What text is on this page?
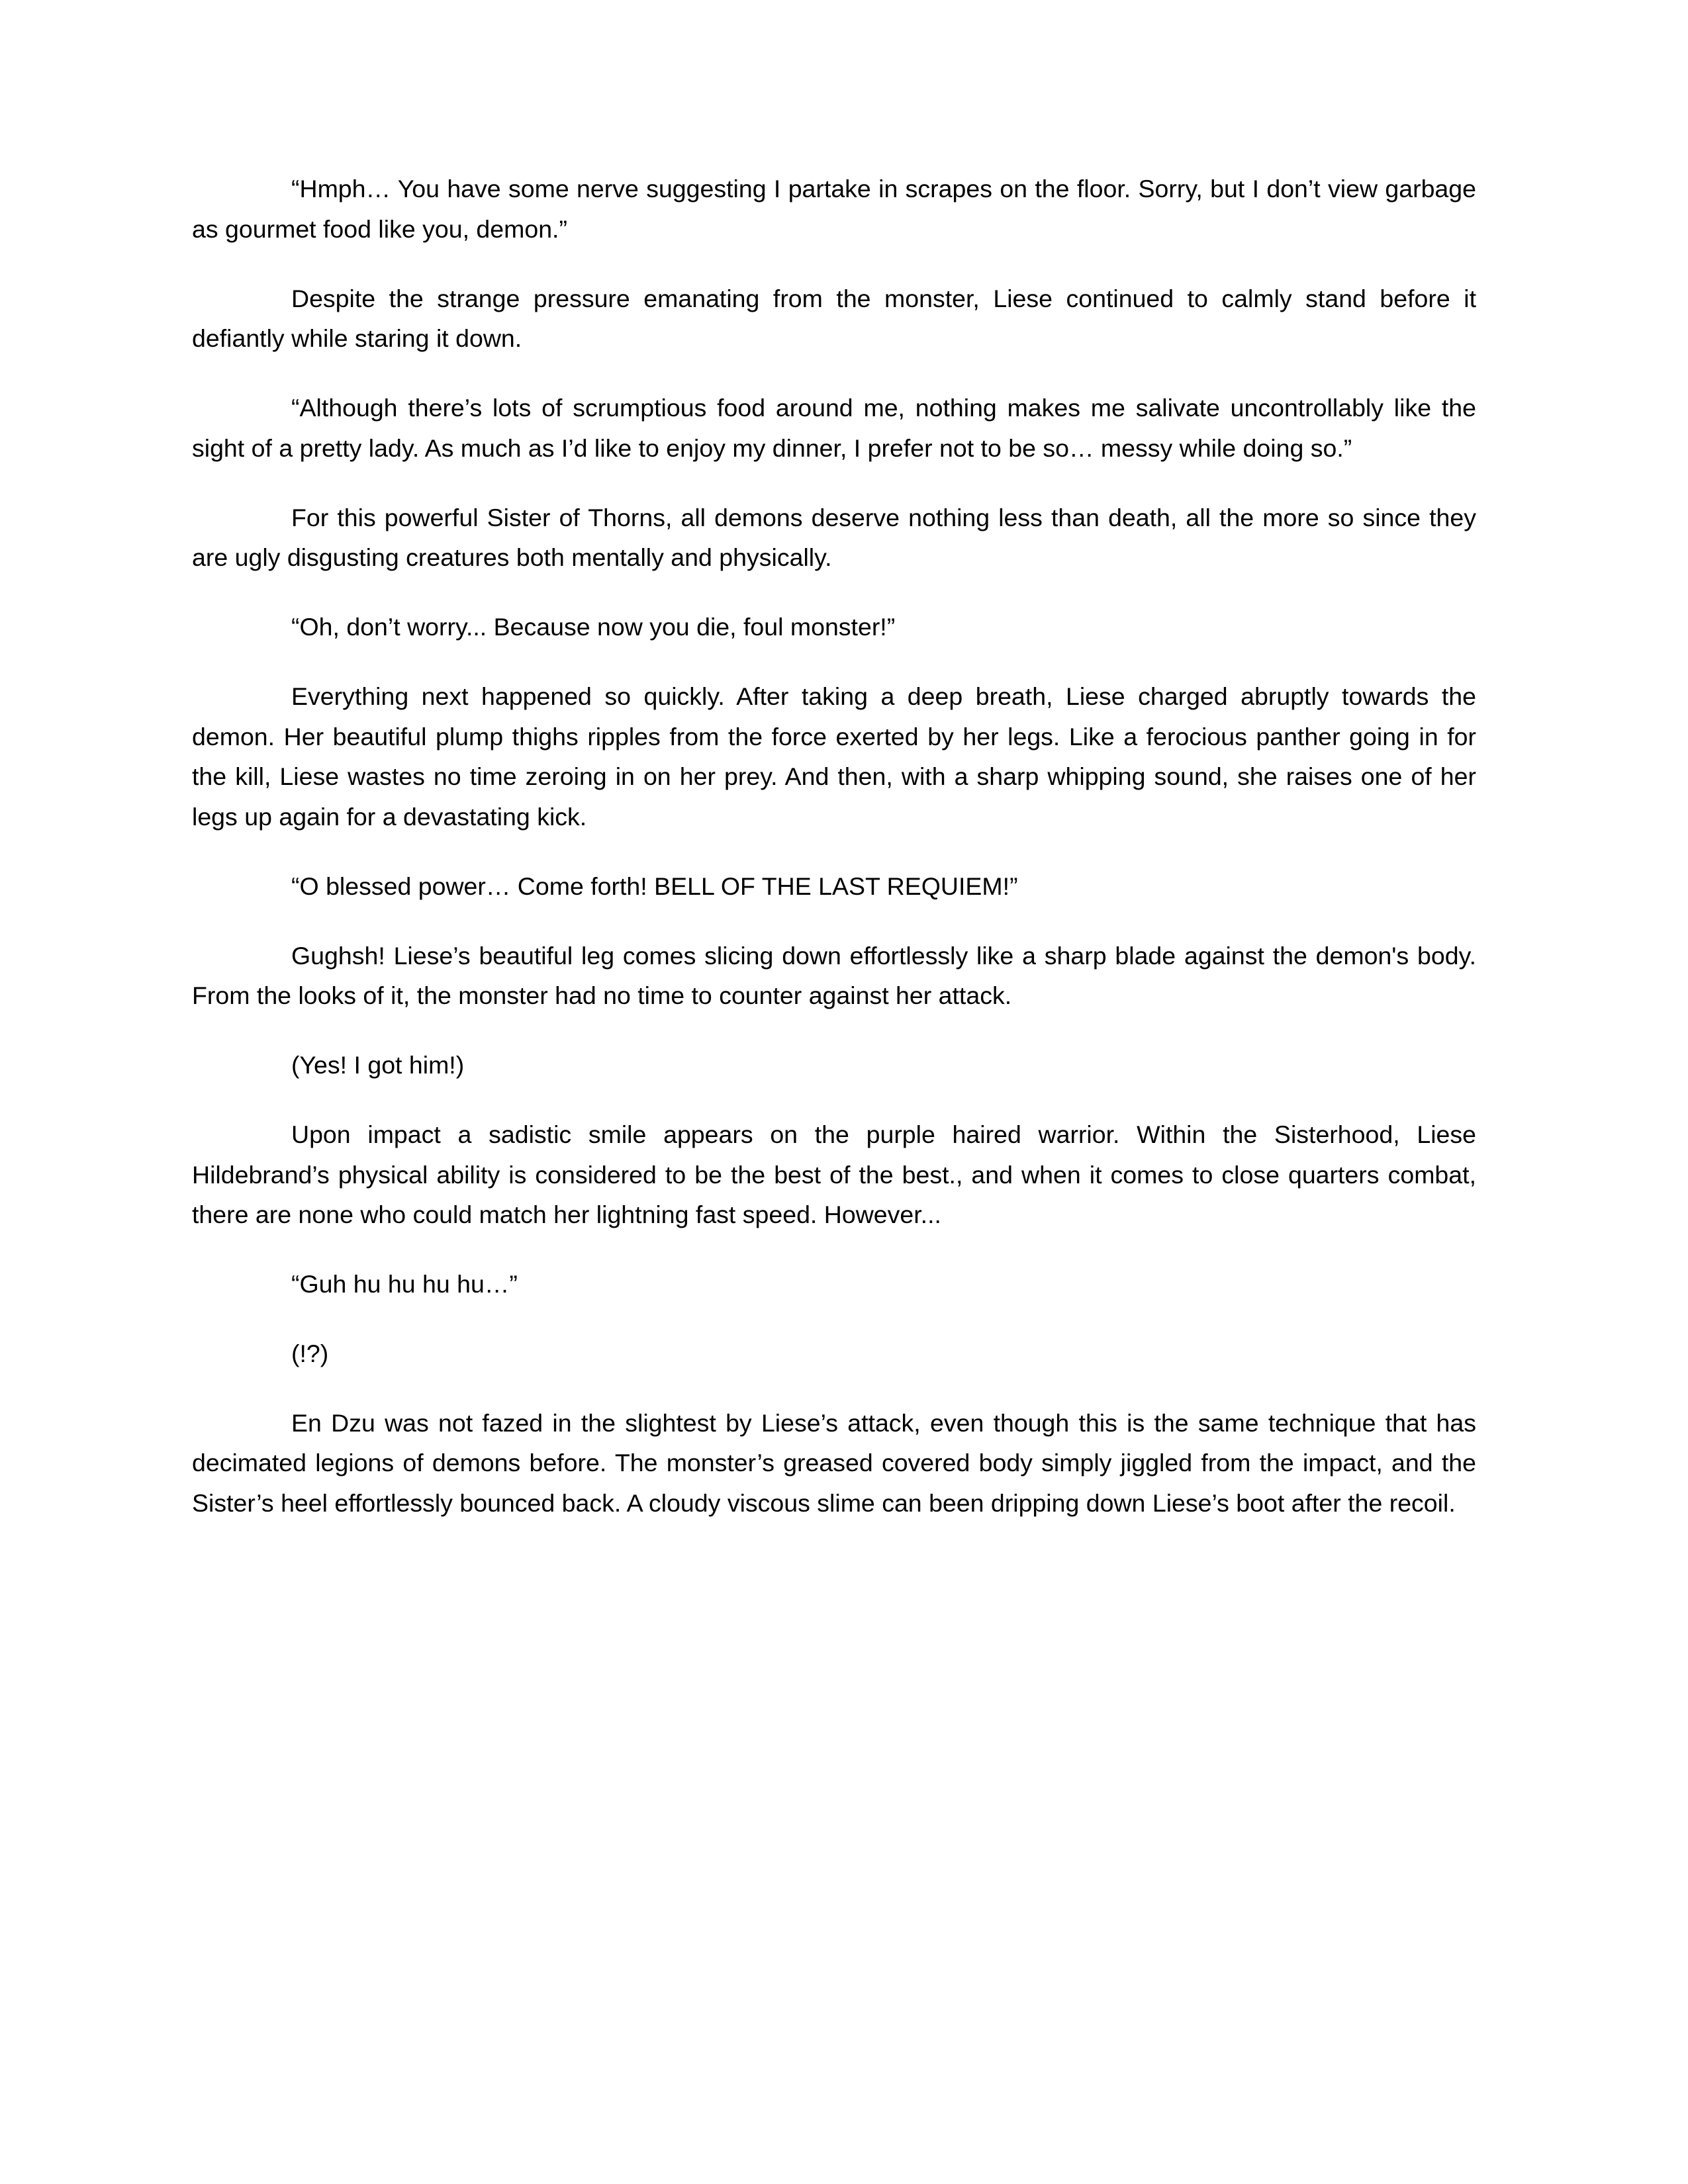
“Hmph… You have some nerve suggesting I partake in scrapes on the floor. Sorry, but I don’t view garbage as gourmet food like you, demon.”

Despite the strange pressure emanating from the monster, Liese continued to calmly stand before it defiantly while staring it down.

“Although there’s lots of scrumptious food around me, nothing makes me salivate uncontrollably like the sight of a pretty lady. As much as I’d like to enjoy my dinner, I prefer not to be so… messy while doing so.”

For this powerful Sister of Thorns, all demons deserve nothing less than death, all the more so since they are ugly disgusting creatures both mentally and physically.

“Oh, don’t worry... Because now you die, foul monster!”

Everything next happened so quickly. After taking a deep breath, Liese charged abruptly towards the demon. Her beautiful plump thighs ripples from the force exerted by her legs. Like a ferocious panther going in for the kill, Liese wastes no time zeroing in on her prey. And then, with a sharp whipping sound, she raises one of her legs up again for a devastating kick.

“O blessed power… Come forth! BELL OF THE LAST REQUIEM!”

Gughsh! Liese’s beautiful leg comes slicing down effortlessly like a sharp blade against the demon's body. From the looks of it, the monster had no time to counter against her attack.

(Yes! I got him!)

Upon impact a sadistic smile appears on the purple haired warrior. Within the Sisterhood, Liese Hildebrand’s physical ability is considered to be the best of the best., and when it comes to close quarters combat, there are none who could match her lightning fast speed. However...

“Guh hu hu hu hu…”

(!?)

En Dzu was not fazed in the slightest by Liese’s attack, even though this is the same technique that has decimated legions of demons before. The monster’s greased covered body simply jiggled from the impact, and the Sister’s heel effortlessly bounced back. A cloudy viscous slime can been dripping down Liese’s boot after the recoil.
